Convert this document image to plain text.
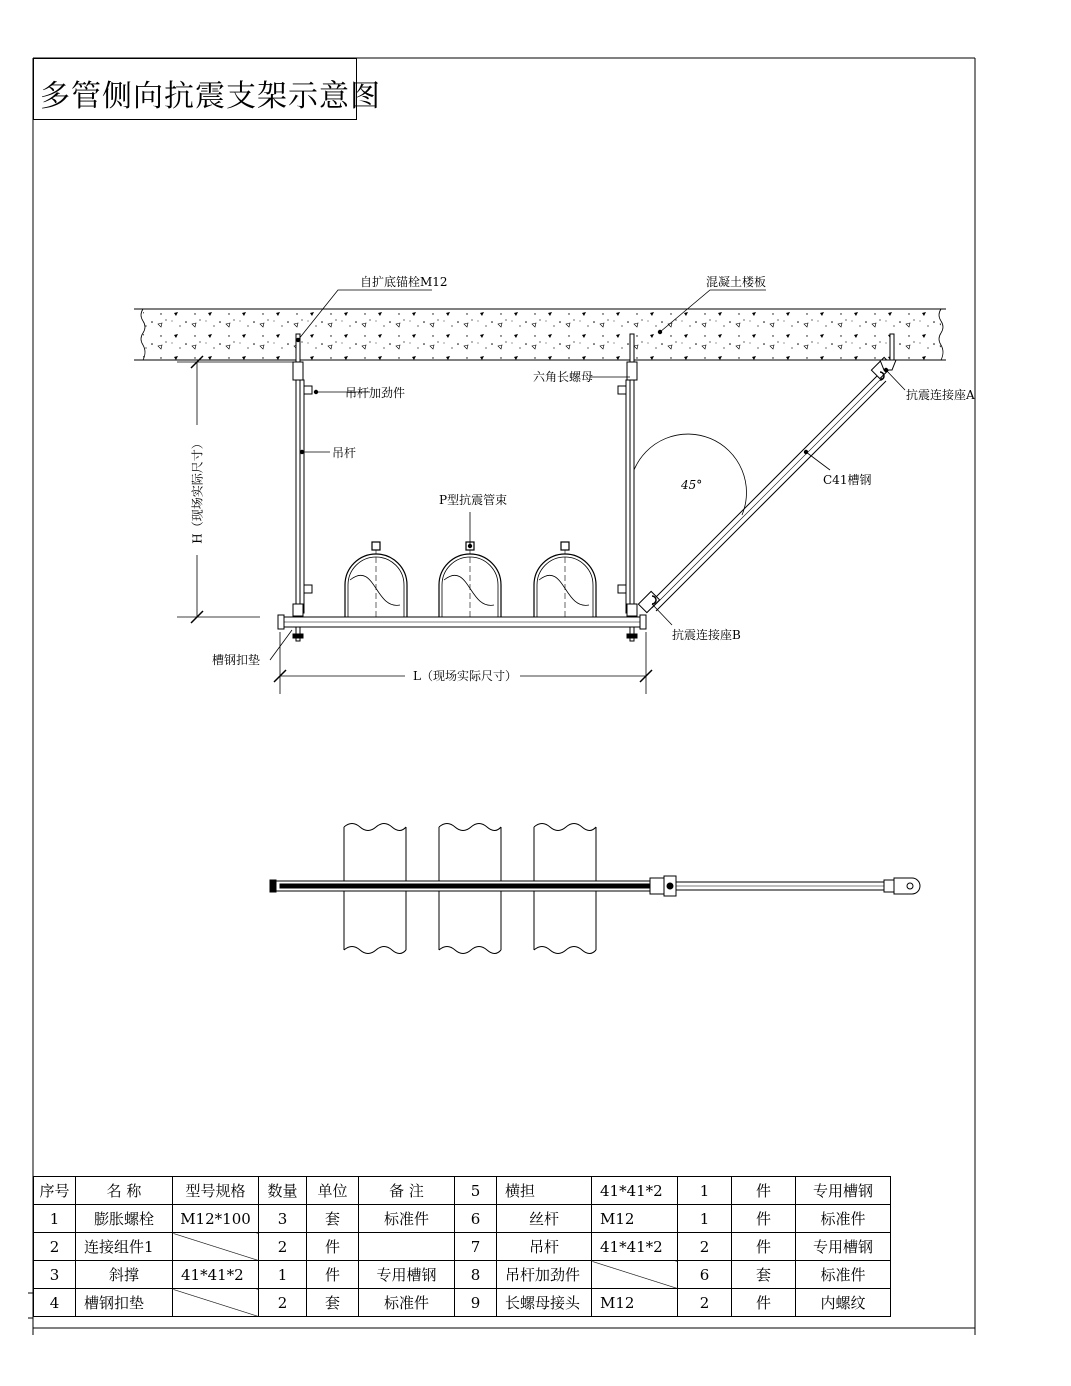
多管侧向抗震支架示意图
自扩底锚栓M12	混凝土楼板
六角长螺母
吊杆加劲件	抗震连接座A
吊杆
C41槽钢
45°
P型抗震管束
H（现场实际尺寸）
抗震连接座B
槽钢扣垫
L（现场实际尺寸）
序号	名 称	型号规格	数量	单位	备 注	5	横担	41*41*2	1	件	专用槽钢
1	膨胀螺栓	M12*100	3	套	标准件	6	丝杆	M12	1	件	标准件
2	连接组件1		2	件		7	吊杆	41*41*2	2	件	专用槽钢
3	斜撑	41*41*2	1	件	专用槽钢	8	吊杆加劲件		6	套	标准件
4	槽钢扣垫		2	套	标准件	9	长螺母接头	M12	2	件	内螺纹
